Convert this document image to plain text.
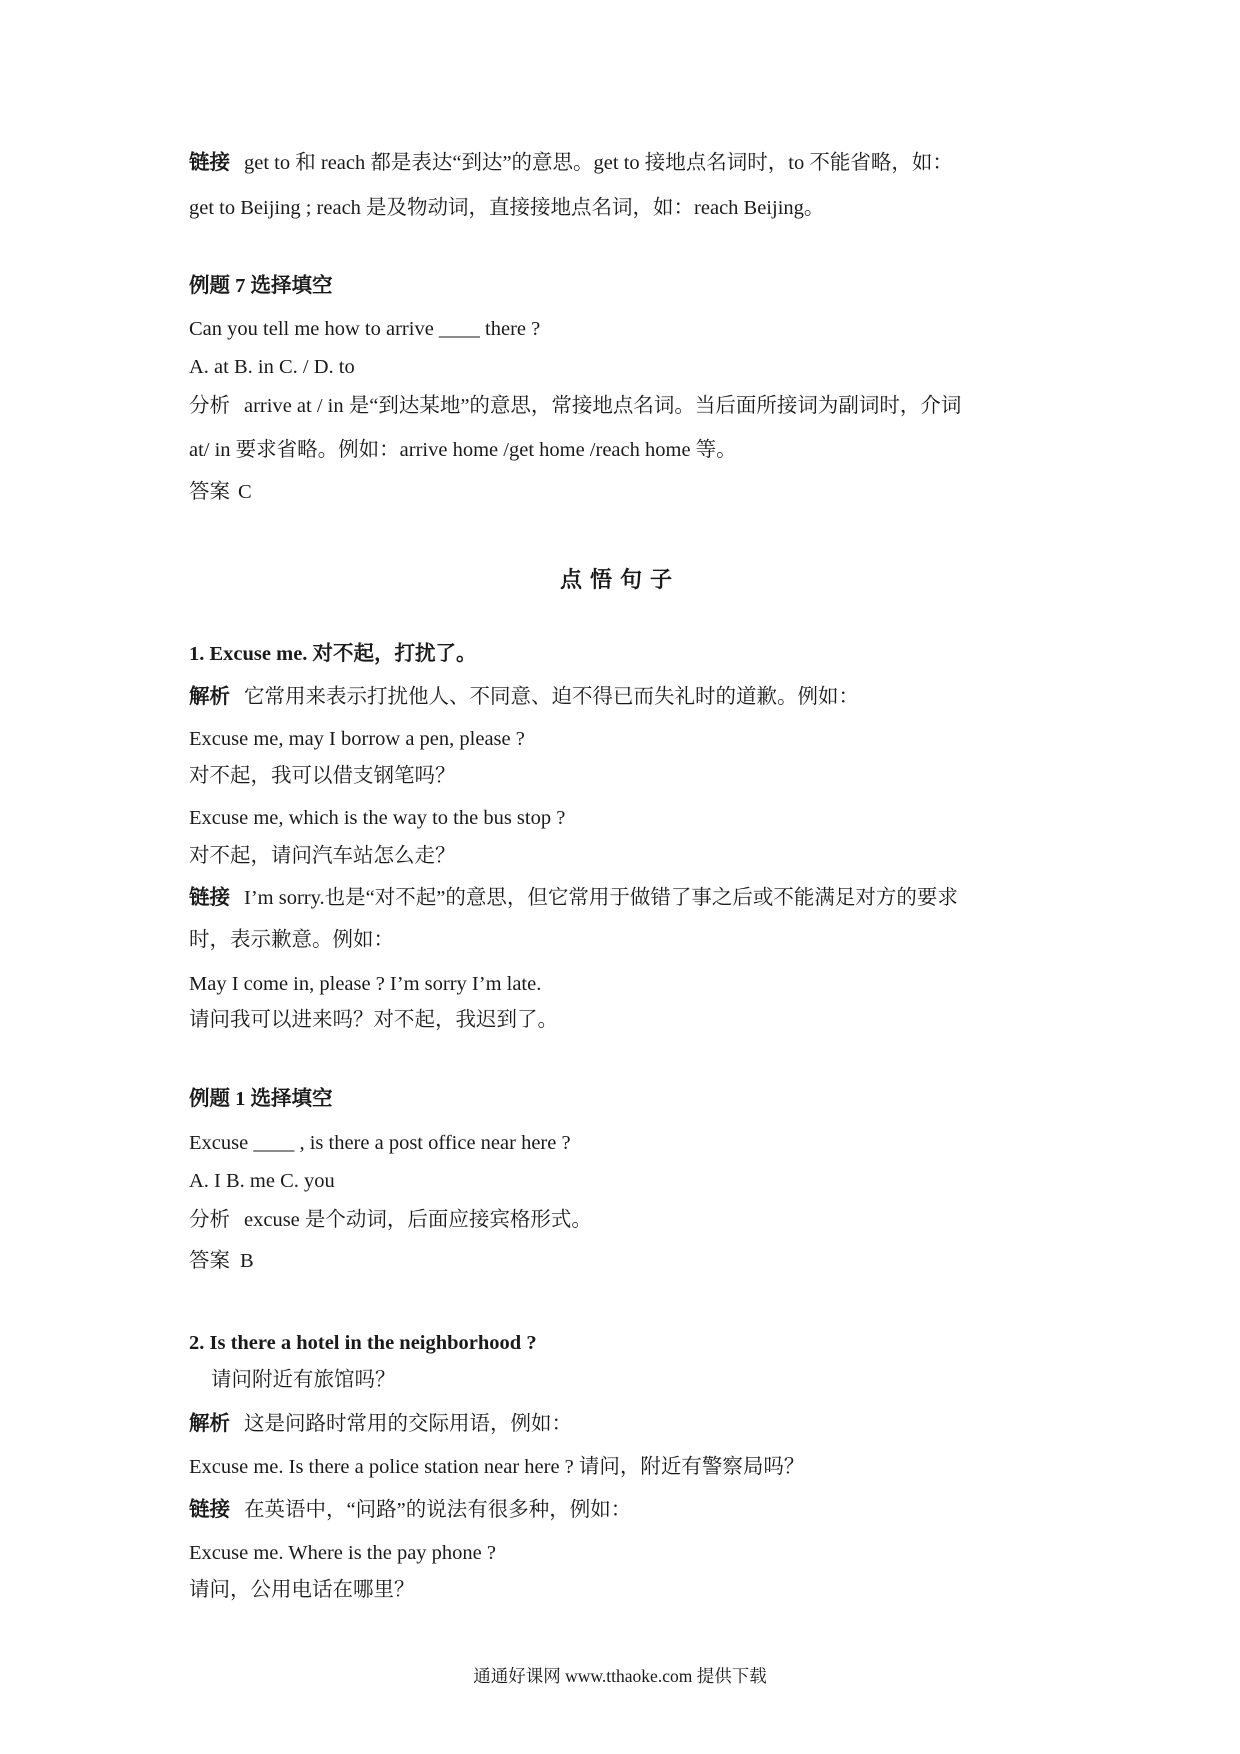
链接 get to 和 reach 都是表达“到达”的意思。get to 接地点名词时，to 不能省略，如：
get to Beijing ; reach 是及物动词，直接接地点名词，如：reach Beijing。
例题 7 选择填空
Can you tell me how to arrive ____ there ?
A. at B. in C. / D. to
分析 arrive at / in 是“到达某地”的意思，常接地点名词。当后面所接词为副词时，介词
at/ in 要求省略。例如：arrive home /get home /reach home 等。
答案 C
点悟句子
1. Excuse me. 对不起，打扰了。
解析 它常用来表示打扰他人、不同意、迫不得已而失礼时的道歉。例如：
Excuse me, may I borrow a pen, please ?
对不起，我可以借支钢笔吗？
Excuse me, which is the way to the bus stop ?
对不起，请问汽车站怎么走？
链接 I’m sorry.也是“对不起”的意思，但它常用于做错了事之后或不能满足对方的要求
时，表示歉意。例如：
May I come in, please ? I’m sorry I’m late.
请问我可以进来吗？对不起，我迟到了。
例题 1 选择填空
Excuse ____ , is there a post office near here ?
A. I B. me C. you
分析 excuse 是个动词，后面应接宾格形式。
答案 B
2. Is there a hotel in the neighborhood ?
请问附近有旅馆吗？
解析 这是问路时常用的交际用语，例如：
Excuse me. Is there a police station near here ? 请问，附近有警察局吗？
链接 在英语中，“问路”的说法有很多种，例如：
Excuse me. Where is the pay phone ?
请问，公用电话在哪里？
通通好课网 www.tthaoke.com 提供下载
